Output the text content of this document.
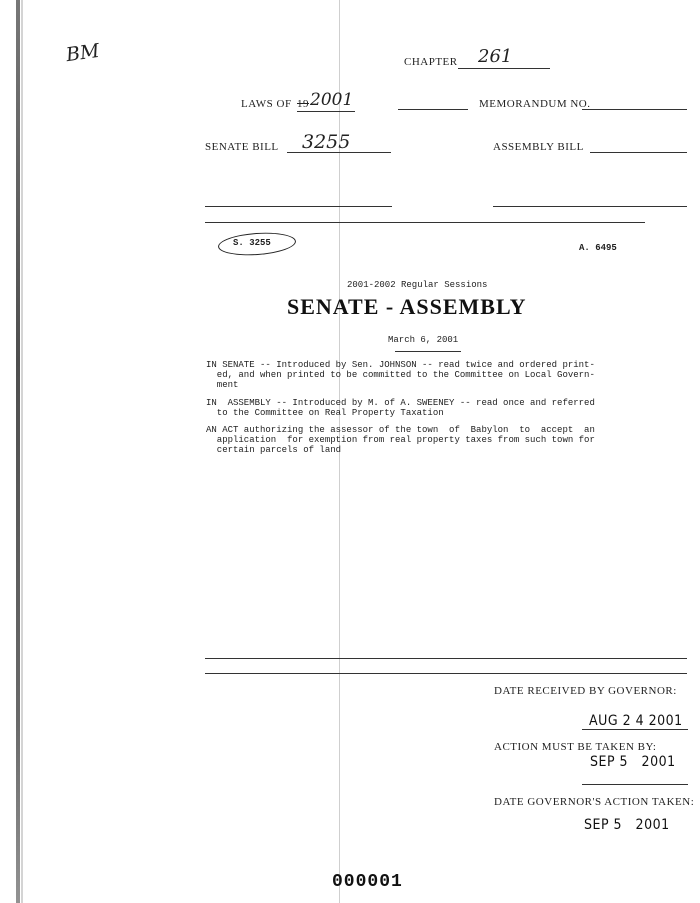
BM	CHAPTER 261
LAWS OF 19 2001	MEMORANDUM NO.
SENATE BILL 3255	ASSEMBLY BILL
S. 3255	A. 6495
2001-2002 Regular Sessions
SENATE - ASSEMBLY
March 6, 2001
IN SENATE -- Introduced by Sen. JOHNSON -- read twice and ordered print-
ed, and when printed to be committed to the Committee on Local Govern-
ment
IN  ASSEMBLY -- Introduced by M. of A. SWEENEY -- read once and referred
to the Committee on Real Property Taxation
AN ACT authorizing the assessor of the town  of  Babylon  to  accept  an
application  for exemption from real property taxes from such town for
certain parcels of land
DATE RECEIVED BY GOVERNOR:
AUG 2 4 2001
ACTION MUST BE TAKEN BY:
SEP 5   2001
DATE GOVERNOR'S ACTION TAKEN:
SEP 5   2001
000001
